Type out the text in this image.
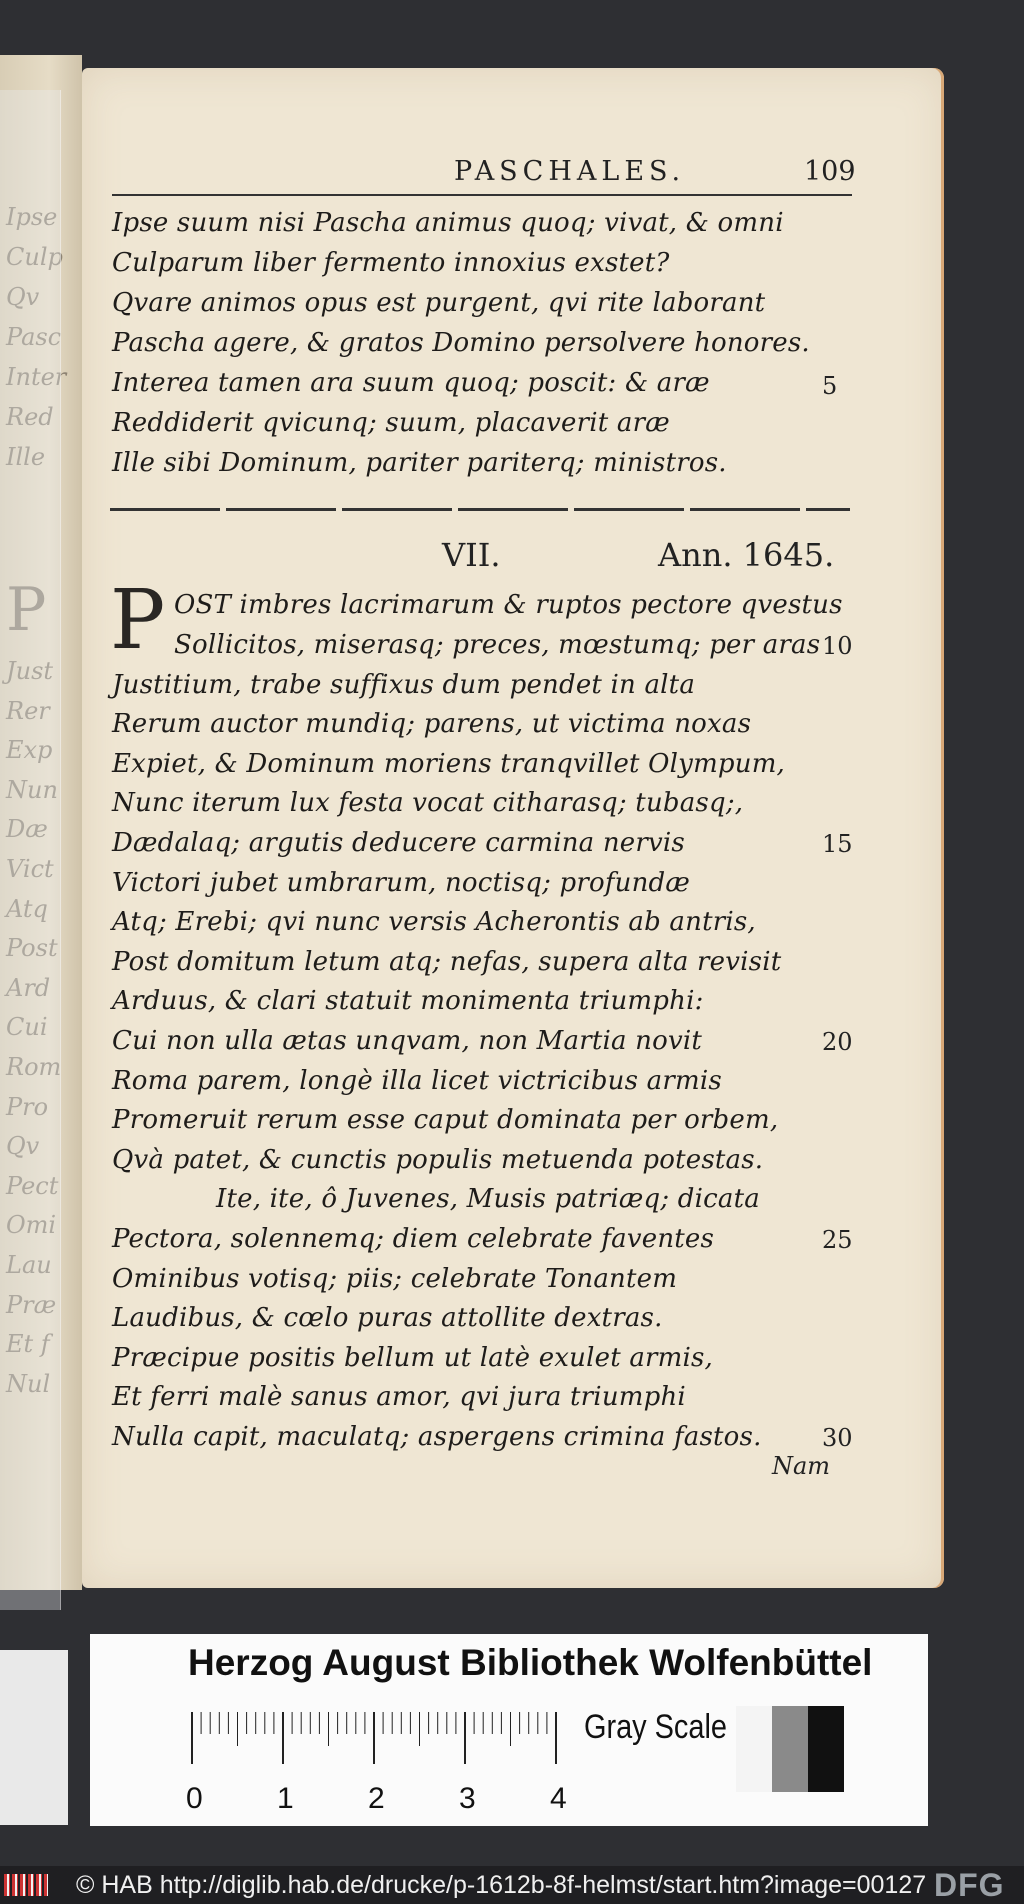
Ipse
Culp
Qv
Pasc
Inter
Red
Ille
P
Just
Rer
Exp
Nun
Dæ
Vict
Atq
Post
Ard
Cui
Rom
Pro
Qv
Pect
Omi
Lau
Præ
Et f
Nul
PASCHALES.	109
Ipse suum nisi Pascha animus quoq; vivat, & omni
Culparum liber fermento innoxius exstet?
Qvare animos opus est purgent, qvi rite laborant
Pascha agere, & gratos Domino persolvere honores.
Interea tamen ara suum quoq; poscit: & aræ
Reddiderit qvicunq; suum, placaverit aræ
Ille sibi Dominum, pariter pariterq; ministros.
5
VII.	Ann. 1645.
P OST imbres lacrimarum & ruptos pectore qvestus
Sollicitos, miserasq; preces, mœstumq; per aras
Justitium, trabe suffixus dum pendet in alta
Rerum auctor mundiq; parens, ut victima noxas
Expiet, & Dominum moriens tranqvillet Olympum,
Nunc iterum lux festa vocat citharasq; tubasq;,
Dædalaq; argutis deducere carmina nervis
Victori jubet umbrarum, noctisq; profundæ
Atq; Erebi; qvi nunc versis Acherontis ab antris,
Post domitum letum atq; nefas, supera alta revisit
Arduus, & clari statuit monimenta triumphi:
Cui non ulla ætas unqvam, non Martia novit
Roma parem, longè illa licet victricibus armis
Promeruit rerum esse caput dominata per orbem,
Qvà patet, & cunctis populis metuenda potestas.
Ite, ite, ô Juvenes, Musis patriæq; dicata
Pectora, solennemq; diem celebrate faventes
Ominibus votisq; piis; celebrate Tonantem
Laudibus, & cœlo puras attollite dextras.
Præcipue positis bellum ut latè exulet armis,
Et ferri malè sanus amor, qvi jura triumphi
Nulla capit, maculatq; aspergens crimina fastos.
10
15
20
25
30
Nam
Herzog August Bibliothek Wolfenbüttel
0 1 2 3 4
Gray Scale
© HAB http://diglib.hab.de/drucke/p-1612b-8f-helmst/start.htm?image=00127 DFG
